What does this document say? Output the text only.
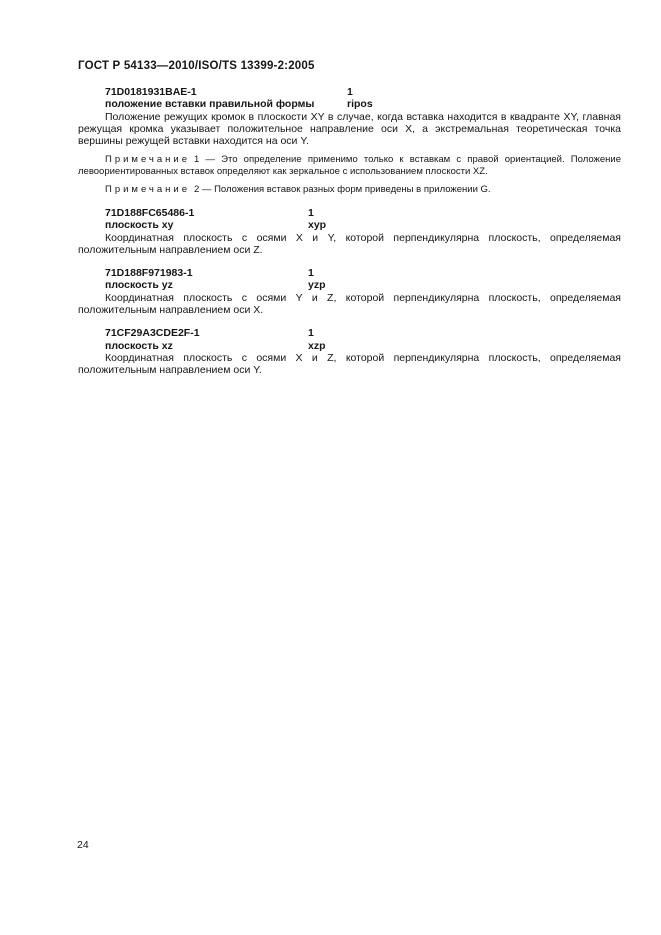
ГОСТ Р 54133—2010/ISO/TS 13399-2:2005
71D0181931BAE-1	1
положение вставки правильной формы	ripos

Положение режущих кромок в плоскости XY в случае, когда вставка находится в квадранте XY, главная режущая кромка указывает положительное направление оси X, а экстремальная теоретическая точка вершины режущей вставки находится на оси Y.

Примечание 1 — Это определение применимо только к вставкам с правой ориентацией. Положение левоориентированных вставок определяют как зеркальное с использованием плоскости XZ.

Примечание 2 — Положения вставок разных форм приведены в приложении G.

71D188FC65486-1	1
плоскость xy	xyp

Координатная плоскость с осями X и Y, которой перпендикулярна плоскость, определяемая положительным направлением оси Z.

71D188F971983-1	1
плоскость yz	yzp

Координатная плоскость с осями Y и Z, которой перпендикулярна плоскость, определяемая положительным направлением оси X.

71CF29A3CDE2F-1	1
плоскость xz	xzp

Координатная плоскость с осями X и Z, которой перпендикулярна плоскость, определяемая положительным направлением оси Y.

24
